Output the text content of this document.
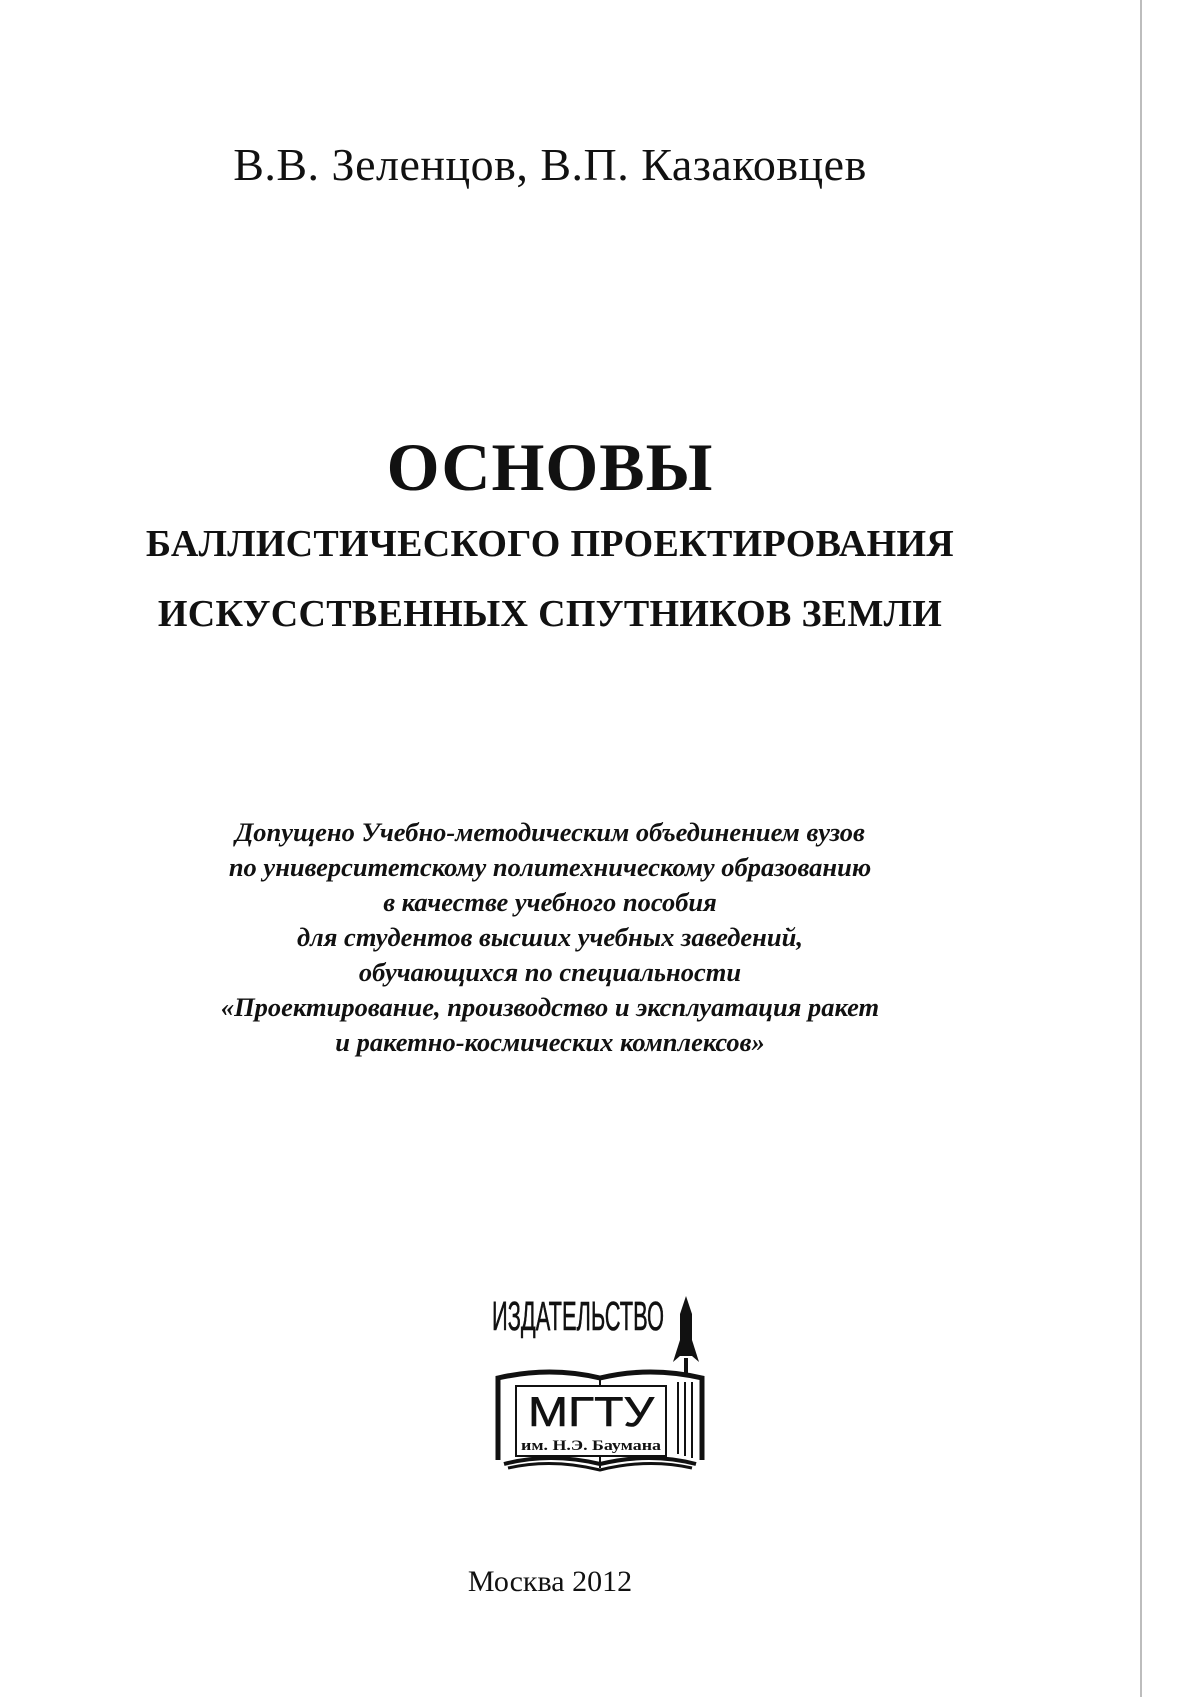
В.В. Зеленцов, В.П. Казаковцев
ОСНОВЫ
БАЛЛИСТИЧЕСКОГО ПРОЕКТИРОВАНИЯ
ИСКУССТВЕННЫХ СПУТНИКОВ ЗЕМЛИ
Допущено Учебно-методическим объединением вузов
по университетскому политехническому образованию
в качестве учебного пособия
для студентов высших учебных заведений,
обучающихся по специальности
«Проектирование, производство и эксплуатация ракет
и ракетно-космических комплексов»
ИЗДАТЕЛЬСТВО
МГТУ
им. Н.Э. Баумана
Москва 2012
